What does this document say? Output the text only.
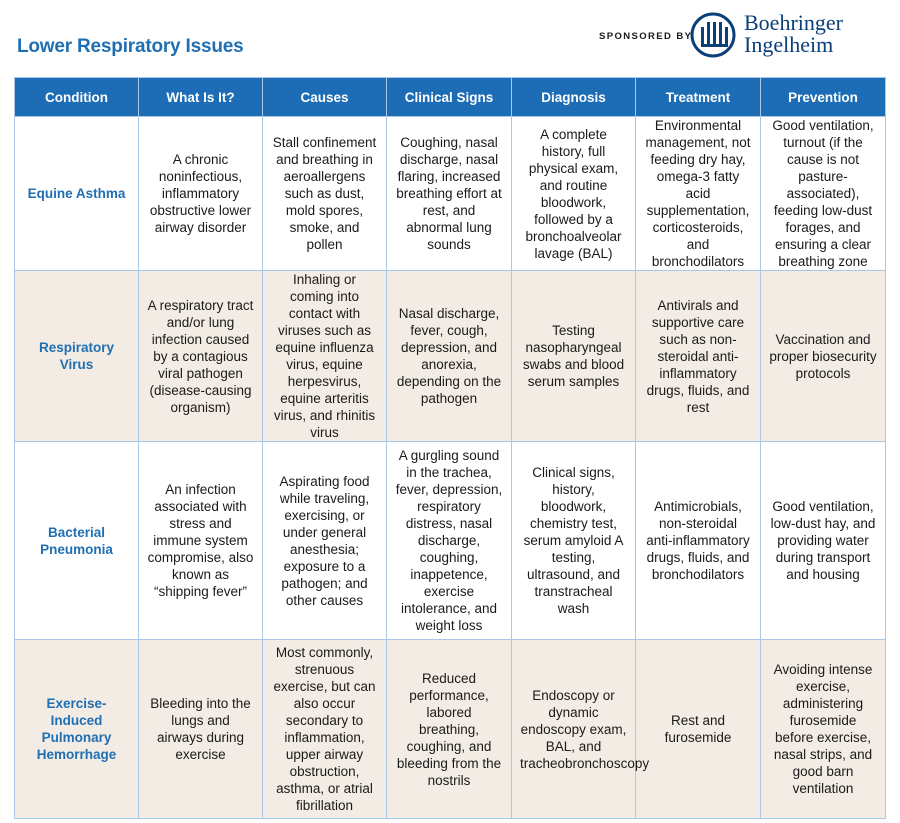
Lower Respiratory Issues	SPONSORED BY
Boehringer
Ingelheim
Condition	What Is It?	Causes	Clinical Signs	Diagnosis	Treatment	Prevention
Equine Asthma	A chronic noninfectious, inflammatory obstructive lower airway disorder	Stall confinement and breathing in aeroallergens such as dust, mold spores, smoke, and pollen	Coughing, nasal discharge, nasal flaring, increased breathing effort at rest, and abnormal lung sounds	A complete history, full physical exam, and routine bloodwork, followed by a bronchoalveolar lavage (BAL)	Environmental management, not feeding dry hay, omega-3 fatty acid supplementation, corticosteroids, and bronchodilators	Good ventilation, turnout (if the cause is not pasture-associated), feeding low-dust forages, and ensuring a clear breathing zone
Respiratory Virus	A respiratory tract and/or lung infection caused by a contagious viral pathogen (disease-causing organism)	Inhaling or coming into contact with viruses such as equine influenza virus, equine herpesvirus, equine arteritis virus, and rhinitis virus	Nasal discharge, fever, cough, depression, and anorexia, depending on the pathogen	Testing nasopharyngeal swabs and blood serum samples	Antivirals and supportive care such as non-steroidal anti-inflammatory drugs, fluids, and rest	Vaccination and proper biosecurity protocols
Bacterial Pneumonia	An infection associated with stress and immune system compromise, also known as “shipping fever”	Aspirating food while traveling, exercising, or under general anesthesia; exposure to a pathogen; and other causes	A gurgling sound in the trachea, fever, depression, respiratory distress, nasal discharge, coughing, inappetence, exercise intolerance, and weight loss	Clinical signs, history, bloodwork, chemistry test, serum amyloid A testing, ultrasound, and transtracheal wash	Antimicrobials, non-steroidal anti-inflammatory drugs, fluids, and bronchodilators	Good ventilation, low-dust hay, and providing water during transport and housing
Exercise-Induced Pulmonary Hemorrhage	Bleeding into the lungs and airways during exercise	Most commonly, strenuous exercise, but can also occur secondary to inflammation, upper airway obstruction, asthma, or atrial fibrillation	Reduced performance, labored breathing, coughing, and bleeding from the nostrils	Endoscopy or dynamic endoscopy exam, BAL, and tracheobronchoscopy	Rest and furosemide	Avoiding intense exercise, administering furosemide before exercise, nasal strips, and good barn ventilation
